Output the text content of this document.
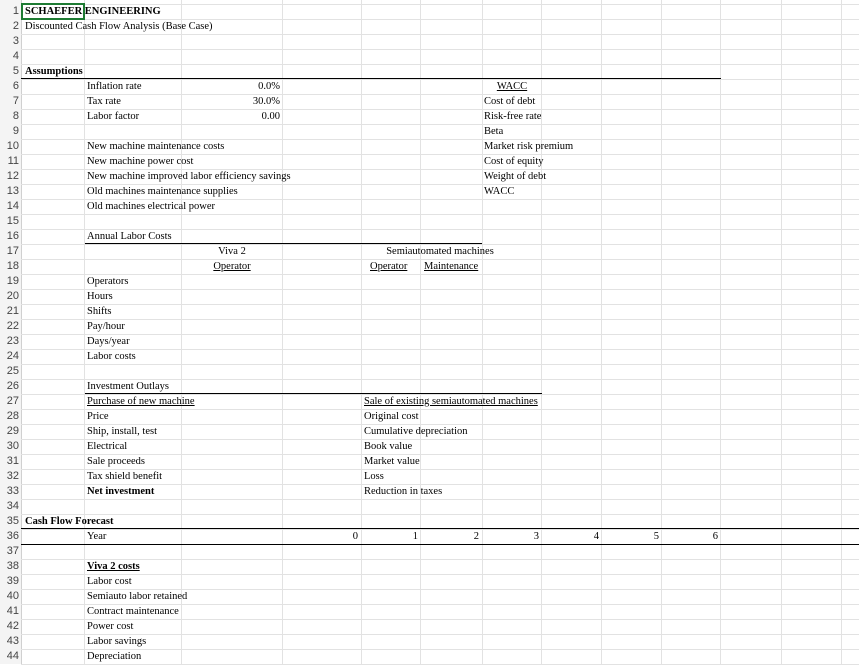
1
2
3
4
5
6
7
8
9
10
11
12
13
14
15
16
17
18
19
20
21
22
23
24
25
26
27
28
29
30
31
32
33
34
35
36
37
38
39
40
41
42
43
44
SCHAEFER ENGINEERING
Discounted Cash Flow Analysis (Base Case)
Assumptions
Inflation rate	0.0%
Tax rate	30.0%
Labor factor	0.00
New machine maintenance costs
New machine power cost
New machine improved labor efficiency savings
Old machines maintenance supplies
Old machines electrical power
WACC
Cost of debt
Risk-free rate
Beta
Market risk premium
Cost of equity
Weight of debt
WACC
Annual Labor Costs
Viva 2
Operator
Semiautomated machines
Operator Maintenance
Operators
Hours
Shifts
Pay/hour
Days/year
Labor costs
Investment Outlays
Purchase of new machine
Price
Ship, install, test
Electrical
Sale proceeds
Tax shield benefit
Net investment
Sale of existing semiautomated machines
Original cost
Cumulative depreciation
Book value
Market value
Loss
Reduction in taxes
Cash Flow Forecast
Year	0	1	2	3	4	5	6
Viva 2 costs
Labor cost
Semiauto labor retained
Contract maintenance
Power cost
Labor savings
Depreciation
